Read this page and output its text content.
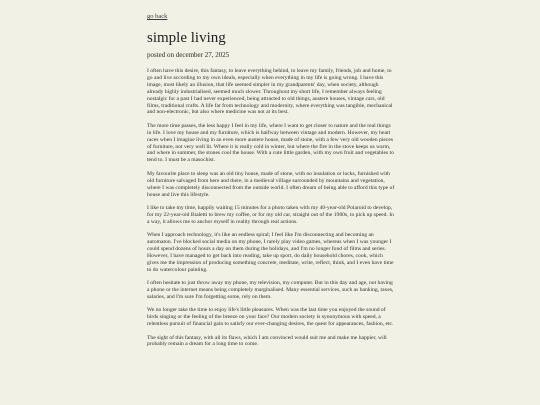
go back
simple living

posted on december 27, 2025

I often have this desire, this fantasy, to leave everything behind, to leave my family, friends, job and home, to go and live according to my own ideals, especially when everything in my life is going wrong. I have this image, most likely an illusion, that life seemed simpler in my grandparents' day, when society, although already highly industrialised, seemed much slower. Throughout my short life, I remember always feeling nostalgic for a past I had never experienced, being attracted to old things, austere houses, vintage cars, old films, traditional crafts. A life far from technology and modernity, where everything was tangible, mechanical and non-electronic, but also where medicine was not at its best.

The more time passes, the less happy I feel in my life, where I want to get closer to nature and the real things in life. I love my house and my furniture, which is halfway between vintage and modern. However, my heart races when I imagine living in an even more austere house, made of stone, with a few very old wooden pieces of furniture, not very well lit. Where it is really cold in winter, but where the fire in the stove keeps us warm, and where in summer, the stones cool the house. With a cute little garden, with my own fruit and vegetables to tend to. I must be a masochist.

My favourite place to sleep was an old tiny house, made of stone, with no insulation or locks, furnished with old furniture salvaged from here and there, in a medieval village surrounded by mountains and vegetation, where I was completely disconnected from the outside world. I often dream of being able to afford this type of house and live this lifestyle.

I like to take my time, happily waiting 15 minutes for a photo taken with my 40-year-old Polaroid to develop, for my 22-year-old Bialetti to brew my coffee, or for my old car, straight out of the 1980s, to pick up speed. In a way, it allows me to anchor myself in reality through real actions.

When I approach technology, it's like an endless spiral; I feel like I'm disconnecting and becoming an automaton. I've blocked social media on my phone, I rarely play video games, whereas when I was younger I could spend dozens of hours a day on them during the holidays, and I'm no longer fond of films and series. However, I have managed to get back into reading, take up sport, do daily household chores, cook, which gives me the impression of producing something concrete, meditate, write, reflect, think, and I even have time to do watercolour painting.

I often hesitate to just throw away my phone, my television, my computer. But in this day and age, not having a phone or the internet means being completely marginalised. Many essential services, such as banking, taxes, salaries, and I'm sure I'm forgetting some, rely on them.

We no longer take the time to enjoy life's little pleasures. When was the last time you enjoyed the sound of birds singing or the feeling of the breeze on your face? Our modern society is synonymous with speed, a relentless pursuit of financial gain to satisfy our ever-changing desires, the quest for appearances, fashion, etc.

The sight of this fantasy, with all its flaws, which I am convinced would suit me and make me happier, will probably remain a dream for a long time to come.
